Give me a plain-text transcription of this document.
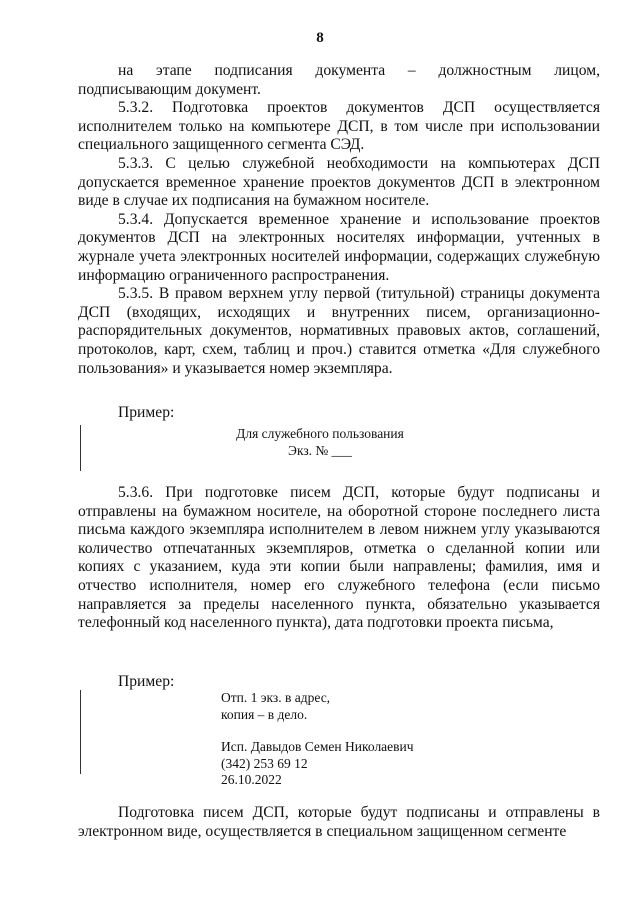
8

на этапе подписания документа – должностным лицом, подписывающим документ.

5.3.2. Подготовка проектов документов ДСП осуществляется исполнителем только на компьютере ДСП, в том числе при использовании специального защищенного сегмента СЭД.

5.3.3. С целью служебной необходимости на компьютерах ДСП допускается временное хранение проектов документов ДСП в электронном виде в случае их подписания на бумажном носителе.

5.3.4. Допускается временное хранение и использование проектов документов ДСП на электронных носителях информации, учтенных в журнале учета электронных носителей информации, содержащих служебную информацию ограниченного распространения.

5.3.5. В правом верхнем углу первой (титульной) страницы документа ДСП (входящих, исходящих и внутренних писем, организационно-распорядительных документов, нормативных правовых актов, соглашений, протоколов, карт, схем, таблиц и проч.) ставится отметка «Для служебного пользования» и указывается номер экземпляра.

Пример:
Для служебного пользования
Экз. № ___

5.3.6. При подготовке писем ДСП, которые будут подписаны и отправлены на бумажном носителе, на оборотной стороне последнего листа письма каждого экземпляра исполнителем в левом нижнем углу указываются количество отпечатанных экземпляров, отметка о сделанной копии или копиях с указанием, куда эти копии были направлены; фамилия, имя и отчество исполнителя, номер его служебного телефона (если письмо направляется за пределы населенного пункта, обязательно указывается телефонный код населенного пункта), дата подготовки проекта письма,

Пример:
Отп. 1 экз. в адрес,
копия – в дело.
Исп. Давыдов Семен Николаевич
(342) 253 69 12
26.10.2022

Подготовка писем ДСП, которые будут подписаны и отправлены в электронном виде, осуществляется в специальном защищенном сегменте
